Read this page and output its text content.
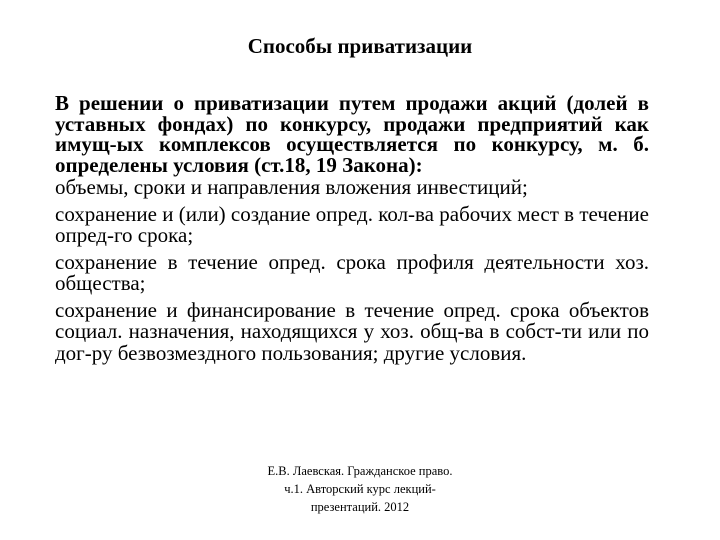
Способы приватизации

В решении о приватизации путем продажи акций (долей в уставных фондах) по конкурсу, продажи предприятий как имущ-ых комплексов осуществляется по конкурсу, м. б. определены условия (ст.18, 19 Закона):

объемы, сроки и направления вложения инвестиций;

сохранение и (или) создание опред. кол-ва рабочих мест в течение опред-го срока;

сохранение в течение опред. срока профиля деятельности хоз. общества;

сохранение и финансирование в течение опред. срока объектов социал. назначения, находящихся у хоз. общ-ва в собст-ти или по дог-ру безвозмездного пользования; другие условия.

Е.В. Лаевская. Гражданское право.
ч.1. Авторский курс лекций-
презентаций. 2012
